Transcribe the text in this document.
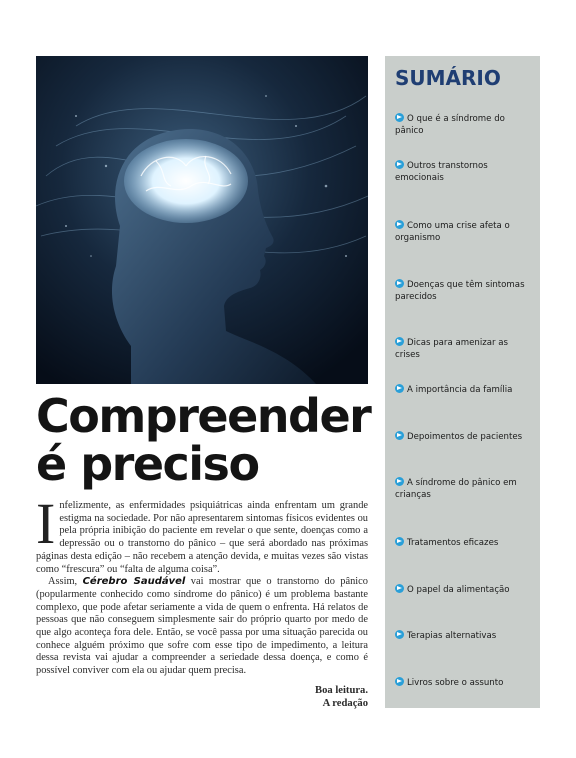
Compreender
é preciso

Infelizmente, as enfermidades psiquiátricas ainda enfrentam um grande estigma na sociedade. Por não apresentarem sintomas físicos evidentes ou pela própria inibição do paciente em revelar o que sente, doenças como a depressão ou o transtorno do pânico – que será abordado nas próximas páginas desta edição – não recebem a atenção devida, e muitas vezes são vistas como “frescura” ou “falta de alguma coisa”.

Assim, Cérebro Saudável vai mostrar que o transtorno do pânico (popularmente conhecido como síndrome do pânico) é um problema bastante complexo, que pode afetar seriamente a vida de quem o enfrenta. Há relatos de pessoas que não conseguem simplesmente sair do próprio quarto por medo de que algo aconteça fora dele. Então, se você passa por uma situação parecida ou conhece alguém próximo que sofre com esse tipo de impedimento, a leitura dessa revista vai ajudar a compreender a seriedade dessa doença, e como é possível conviver com ela ou ajudar quem precisa.

Boa leitura.
A redação
SUMÁRIO
O que é a síndrome do pânico
Outros transtornos emocionais
Como uma crise afeta o organismo
Doenças que têm sintomas parecidos
Dicas para amenizar as crises
A importância da família
Depoimentos de pacientes
A síndrome do pânico em crianças
Tratamentos eficazes
O papel da alimentação
Terapias alternativas
Livros sobre o assunto
